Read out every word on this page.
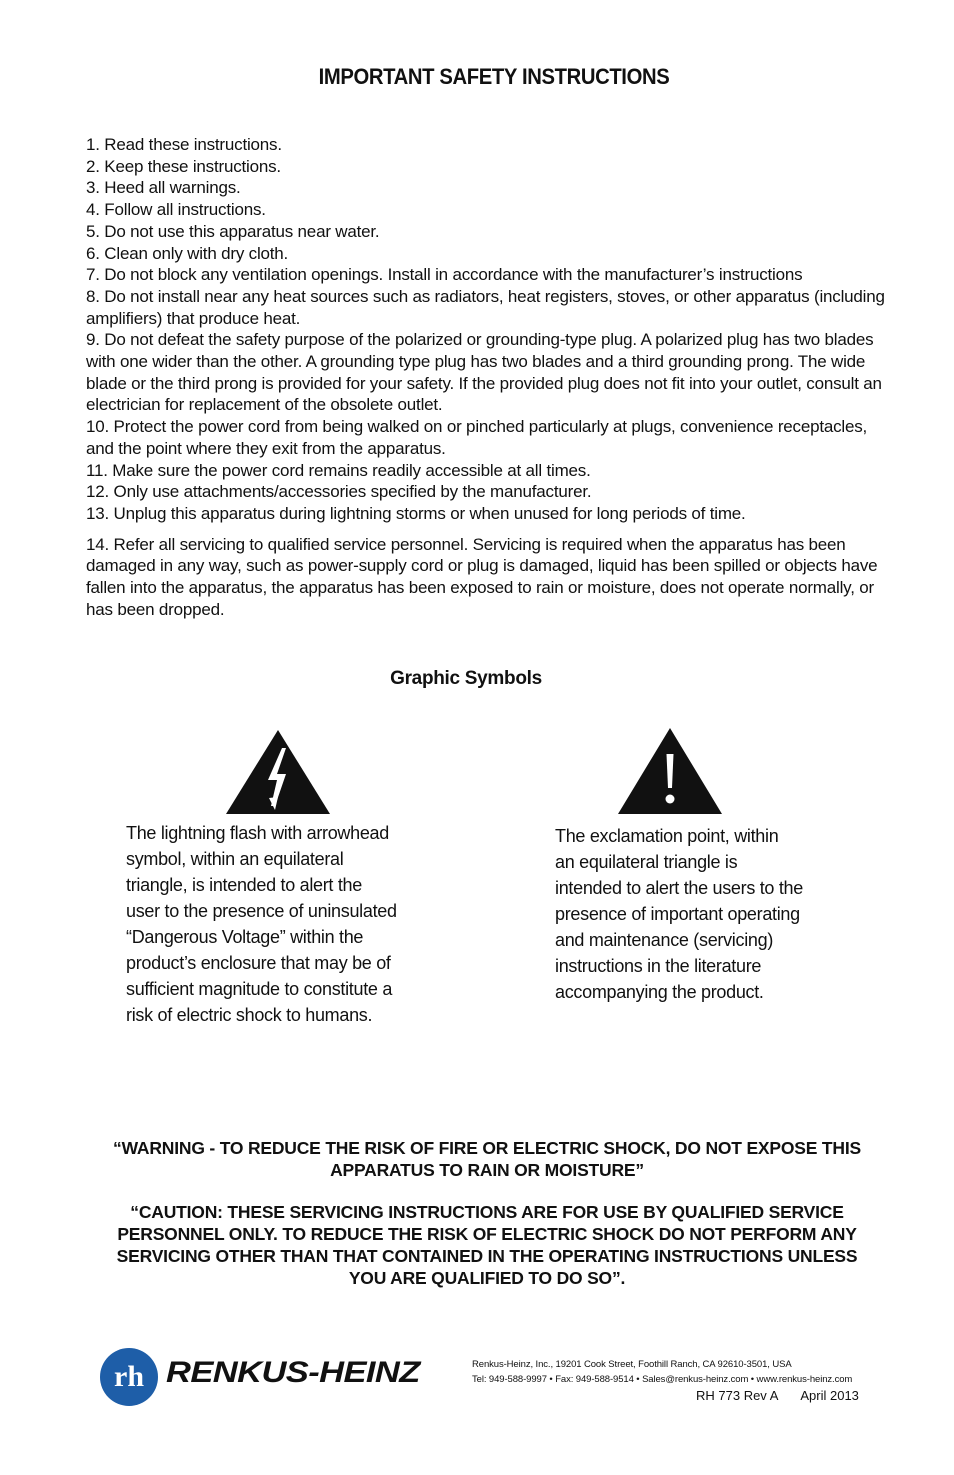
IMPORTANT SAFETY INSTRUCTIONS

1. Read these instructions.

2. Keep these instructions.

3. Heed all warnings.

4. Follow all instructions.

5. Do not use this apparatus near water.

6. Clean only with dry cloth.

7. Do not block any ventilation openings. Install in accordance with the manufacturer’s instructions

8. Do not install near any heat sources such as radiators, heat registers, stoves, or other apparatus (including amplifiers) that produce heat.

9. Do not defeat the safety purpose of the polarized or grounding-type plug. A polarized plug has two blades with one wider than the other. A grounding type plug has two blades and a third grounding prong. The wide blade or the third prong is provided for your safety. If the provided plug does not fit into your outlet, consult an electrician for replacement of the obsolete outlet.

10. Protect the power cord from being walked on or pinched particularly at plugs, convenience receptacles, and the point where they exit from the apparatus.

11. Make sure the power cord remains readily accessible at all times.

12. Only use attachments/accessories specified by the manufacturer.

13. Unplug this apparatus during lightning storms or when unused for long periods of time.

14. Refer all servicing to qualified service personnel. Servicing is required when the apparatus has been damaged in any way, such as power-supply cord or plug is damaged, liquid has been spilled or objects have fallen into the apparatus, the apparatus has been exposed to rain or moisture, does not operate normally, or has been dropped.

Graphic Symbols
The lightning flash with arrowhead
symbol, within an equilateral
triangle, is intended to alert the
user to the presence of uninsulated
“Dangerous Voltage” within the
product’s enclosure that may be of
sufficient magnitude to constitute a
risk of electric shock to humans.
The exclamation point, within
an equilateral triangle is
intended to alert the users to the
presence of important operating
and maintenance (servicing)
instructions in the literature
accompanying the product.
“WARNING - TO REDUCE THE RISK OF FIRE OR ELECTRIC SHOCK, DO NOT EXPOSE THIS
APPARATUS TO RAIN OR MOISTURE”
“CAUTION: THESE SERVICING INSTRUCTIONS ARE FOR USE BY QUALIFIED SERVICE
PERSONNEL ONLY. TO REDUCE THE RISK OF ELECTRIC SHOCK DO NOT PERFORM ANY
SERVICING OTHER THAN THAT CONTAINED IN THE OPERATING INSTRUCTIONS UNLESS
YOU ARE QUALIFIED TO DO SO”.
rh RENKUS-HEINZ	Renkus-Heinz, Inc., 19201 Cook Street, Foothill Ranch, CA 92610-3501, USA
Tel: 949-588-9997 • Fax: 949-588-9514 • Sales@renkus-heinz.com • www.renkus-heinz.com
RH 773 Rev A April 2013
